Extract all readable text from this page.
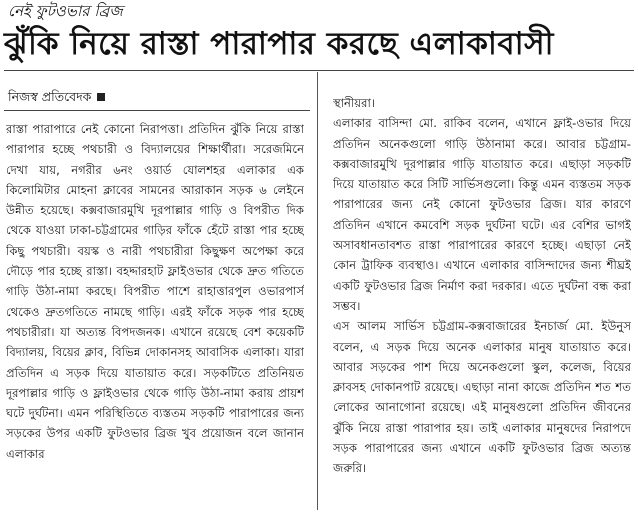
নেই ফুটওভার ব্রিজ
ঝুঁকি নিয়ে রাস্তা পারাপার করছে এলাকাবাসী
নিজস্ব প্রতিবেদক
রাস্তা পারাপারে নেই কোনো নিরাপত্তা। প্রতিদিন ঝুঁকি নিয়ে রাস্তা পারাপার হচ্ছে পথচারী ও বিদ্যালয়ের শিক্ষার্থীরা। সরেজমিনে দেখা যায়, নগরীর ৬নং ওয়ার্ড যোলশহর এলাকার এক কিলোমিটার মোহনা ক্লাবের সামনের আরাকান সড়ক ৬ লেইনে উন্নীত হয়েছে। কক্সবাজারমুখি দূরপাল্লার গাড়ি ও বিপরীত দিক থেকে যাওয়া ঢাকা-চট্টগ্রামের গাড়ির ফাঁকে হেঁটে রাস্তা পার হচ্ছে কিছু পথচারী। বয়স্ক ও নারী পথচারীরা কিছুক্ষণ অপেক্ষা করে দৌড়ে পার হচ্ছে রাস্তা। বহদ্দারহাট ফ্লাইওভার থেকে দ্রুত গতিতে গাড়ি উঠা-নামা করছে। বিপরীত পাশে রাহাত্তারপুল ওভারপার্স থেকেও দ্রুতগতিতে নামছে গাড়ি। এরই ফাঁকে সড়ক পার হচ্ছে পথচারীরা। যা অত্যন্ত বিপদজনক। এখানে রয়েছে বেশ কয়েকটি বিদ্যালয়, বিয়ের ক্লাব, বিভিন্ন দোকানসহ আবাসিক এলাকা। যারা প্রতিদিন এ সড়ক দিয়ে যাতায়াত করে। সড়কটিতে প্রতিনিয়ত দূরপাল্লার গাড়ি ও ফ্লাইওভার থেকে গাড়ি উঠা-নামা করায় প্রায়শ ঘটে দুর্ঘটনা। এমন পরিস্থিতিতে ব্যস্ততম সড়কটি পারাপারের জন্য সড়কের উপর একটি ফুটওভার ব্রিজ খুব প্রয়োজন বলে জানান এলাকার
স্থানীয়রা।
এলাকার বাসিন্দা মো. রাকিব বলেন, এখানে ফ্লাই-ওভার দিয়ে প্রতিদিন অনেকগুলো গাড়ি উঠানামা করে। আবার চট্টগ্রাম-কক্সবাজারমুখি দূরপাল্লার গাড়ি যাতায়াত করে। এছাড়া সড়কটি দিয়ে যাতায়াত করে সিটি সার্ভিসগুলো। কিন্তু এমন ব্যস্ততম সড়ক পারাপারের জন্য নেই কোনো ফুটওভার ব্রিজ। যার কারণে প্রতিদিন এখানে কমবেশি সড়ক দুর্ঘটনা ঘটে। এর বেশির ভাগই অসাবধানতাবশত রাস্তা পারাপারের কারণে হচ্ছে। এছাড়া নেই কোন ট্রাফিক ব্যবস্থাও। এখানে এলাকার বাসিন্দাদের জন্য শীঘ্রই একটি ফুটওভার ব্রিজ নির্মাণ করা দরকার। এতে দুর্ঘটনা বন্ধ করা সম্ভব।
এস আলম সার্ভিস চট্টগ্রাম-কক্সবাজারের ইনচার্জ মো. ইউনুস বলেন, এ সড়ক দিয়ে অনেক এলাকার মানুষ যাতায়াত করে। আবার সড়কের পাশ দিয়ে অনেকগুলো স্কুল, কলেজ, বিয়ের ক্লাবসহ দোকানপাট রয়েছে। এছাড়া নানা কাজে প্রতিদিন শত শত লোকের আনাগোনা রয়েছে। এই মানুষগুলো প্রতিদিন জীবনের ঝুঁকি নিয়ে রাস্তা পারাপার হয়। তাই এলাকার মানুষদের নিরাপদে সড়ক পারাপারের জন্য এখানে একটি ফুটওভার ব্রিজ অত্যন্ত জরুরি।
